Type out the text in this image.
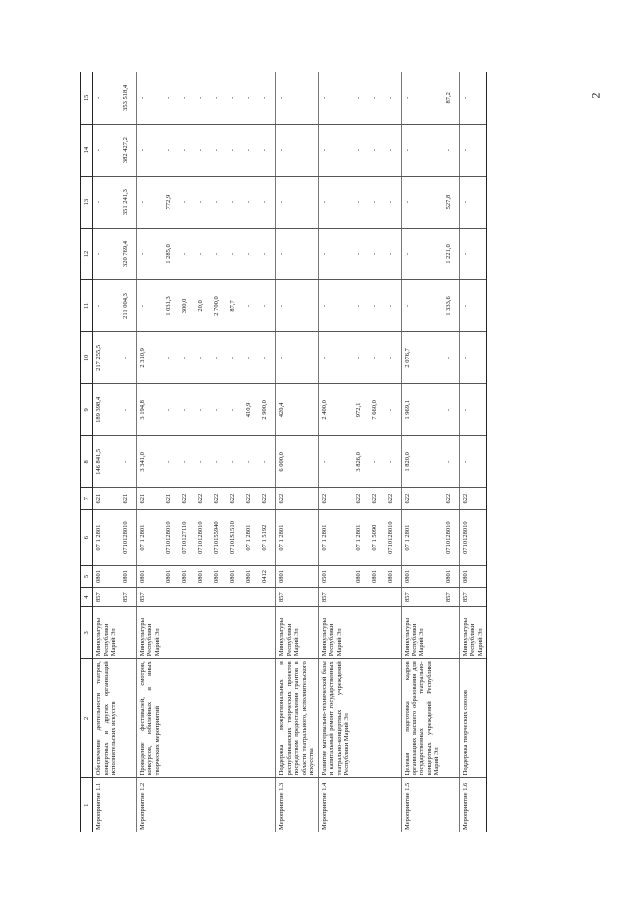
2
1	2	3	4	5	6	7	8	9	10	11	12	13	14	15
Мероприятие 1.1	Обеспечение деятельности театров, концертных и других организаций исполнительских искусств	Минкультуры Республики Марий Эл	857	0801	07 1 2801	621	146 841,5	189 398,4	217 255,5	-	-	-	-	-
			857	0801	0710128010	621	-	-	-	211 004,3	320 769,4	351 241,3	382 427,2	353 518,4
Мероприятие 1.2	Проведение фестивалей, смотров, конкурсов, юбилейных и иных творческих мероприятий	Минкультуры Республики Марий Эл	857	0801	07 1 2801	621	3 341,0	3 194,8	2 310,9	-	-	-	-	-
				0801	0710128010	621	-	-	-	1 031,3	1 285,0	772,9	-	-
				0801	0710127110	622	-	-	-	300,0	-	-	-	-
				0801	0710128010	622	-	-	-	20,0	-	-	-	-
				0801	0710155940	622	-	-	-	2 700,0	-	-	-	-
				0801	07101S1510	622	-	-	-	87,7	-	-	-	-
				0801	07 1 2801	622	-	410,9	-	-	-	-	-	-
				0412	07 1 5192	622	-	2 900,0	-	-	-	-	-	-
Мероприятие 1.3	Поддержка межрегиональных и республиканских творческих проектов посредством предоставления грантов в области театрального, исполнительского искусства	Минкультуры Республики Марий Эл	857	0801	07 1 2801	622	6 000,0	420,4	-	-	-	-	-	-
Мероприятие 1.4	Развитие материально-технической базы и капитальный ремонт государственных театрально-концертных учреждений Республики Марий Эл	Минкультуры Республики Марий Эл	857	0501	07 1 2801	622	-	2 400,0	-	-	-	-	-	-
				0801	07 1 2801	622	3 826,0	972,1	-	-	-	-	-	-
				0801	07 1 5090	622	-	7 660,0	-	-	-	-	-	-
				0801	0710128010	622	-	-	-	-	-	-	-	-
Мероприятие 1.5	Целевая подготовка кадров организациях высшего образования для государственных театрально-концертных учреждений Республики Марий Эл	Минкультуры Республики Марий Эл	857	0801	07 1 2801	622	1 820,0	1 969,1	2 076,7	-	-	-	-	-
			857	0801	0710128010	622	-	-	-	1 333,6	1 221,0	527,8	-	87,2
Мероприятие 1.6	Поддержка творческих союзов	Минкультуры Республики Марий Эл	857	0801	0710128010	622	-	-	-	-	-	-	-	-
